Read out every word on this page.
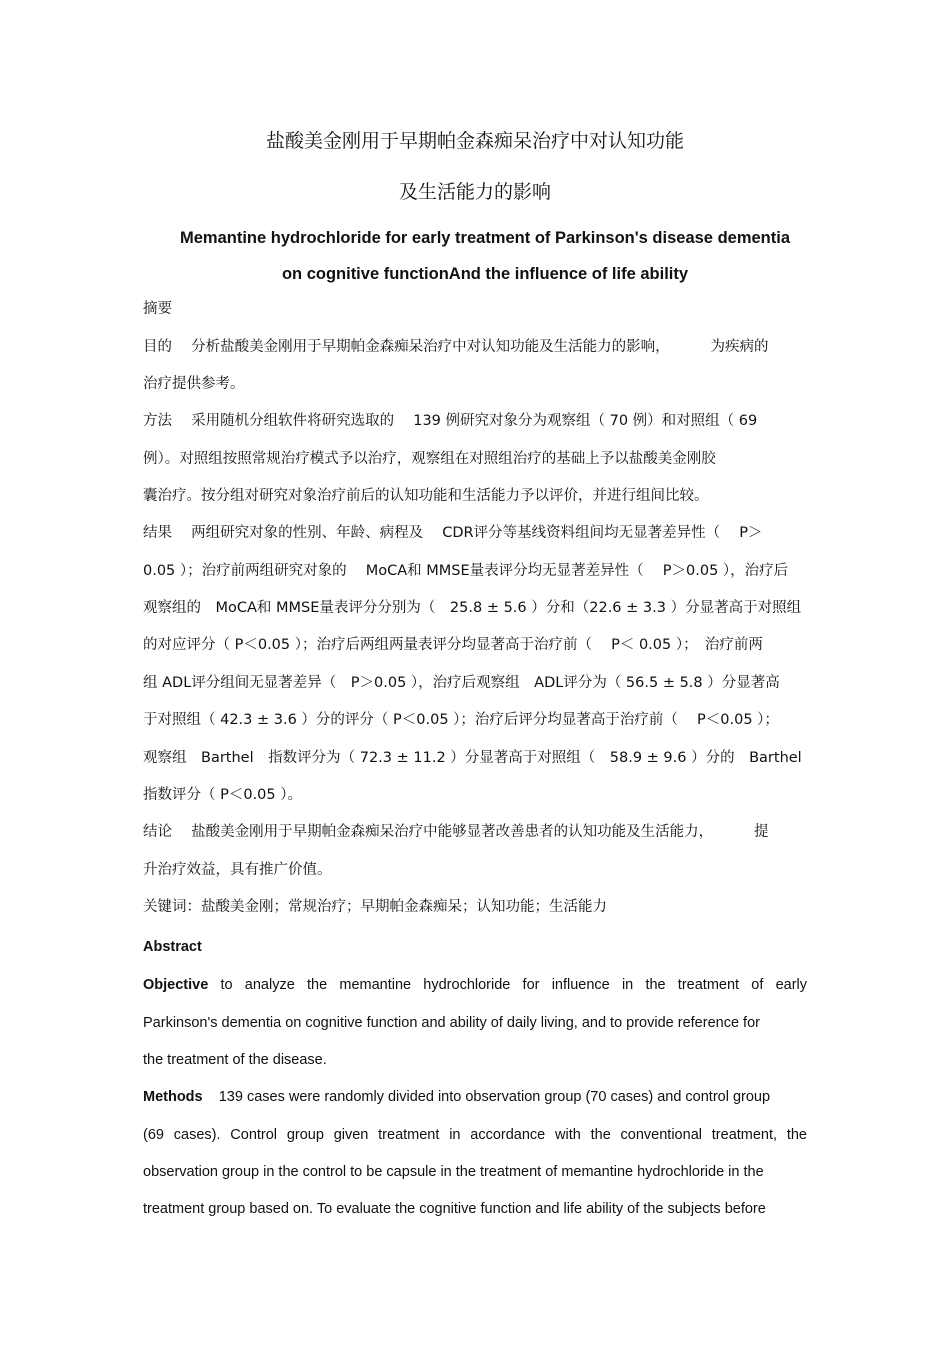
盐酸美金刚用于早期帕金森痴呆治疗中对认知功能
及生活能力的影响
Memantine hydrochloride for early treatment of Parkinson's disease dementia
on cognitive functionAnd the influence of life ability
摘要
目的　 分析盐酸美金刚用于早期帕金森痴呆治疗中对认知功能及生活能力的影响，　　　 为疾病的
治疗提供参考。
方法　 采用随机分组软件将研究选取的　 139 例研究对象分为观察组（ 70 例）和对照组（ 69
例）。对照组按照常规治疗模式予以治疗，观察组在对照组治疗的基础上予以盐酸美金刚胶
囊治疗。按分组对研究对象治疗前后的认知功能和生活能力予以评价，并进行组间比较。
结果　 两组研究对象的性别、年龄、病程及　 CDR评分等基线资料组间均无显著差异性（　 P＞
0.05 ）；治疗前两组研究对象的　 MoCA和 MMSE量表评分均无显著差异性（　 P＞0.05 ），治疗后
观察组的　MoCA和 MMSE量表评分分别为（　25.8 ± 5.6 ）分和（22.6 ± 3.3 ）分显著高于对照组
的对应评分（ P＜0.05 ）；治疗后两组两量表评分均显著高于治疗前（　 P＜ 0.05 ）；　治疗前两
组 ADL评分组间无显著差异（　P＞0.05 ），治疗后观察组　ADL评分为（ 56.5 ± 5.8 ）分显著高
于对照组（ 42.3 ± 3.6 ）分的评分（ P＜0.05 ）；治疗后评分均显著高于治疗前（　 P＜0.05 ）；
观察组　Barthel　指数评分为（ 72.3 ± 11.2 ）分显著高于对照组（　58.9 ± 9.6 ）分的　Barthel
指数评分（ P＜0.05 ）。
结论　 盐酸美金刚用于早期帕金森痴呆治疗中能够显著改善患者的认知功能及生活能力，　　　 提
升治疗效益，具有推广价值。
关键词：盐酸美金刚；常规治疗；早期帕金森痴呆；认知功能；生活能力
Abstract
Objective to analyze the memantine hydrochloride for influence in the treatment of early
Parkinson's dementia on cognitive function and ability of daily living, and to provide reference for
the treatment of the disease.
Methods 139 cases were randomly divided into observation group (70 cases) and control group
(69 cases). Control group given treatment in accordance with the conventional treatment, the
observation group in the control to be capsule in the treatment of memantine hydrochloride in the
treatment group based on. To evaluate the cognitive function and life ability of the subjects before
